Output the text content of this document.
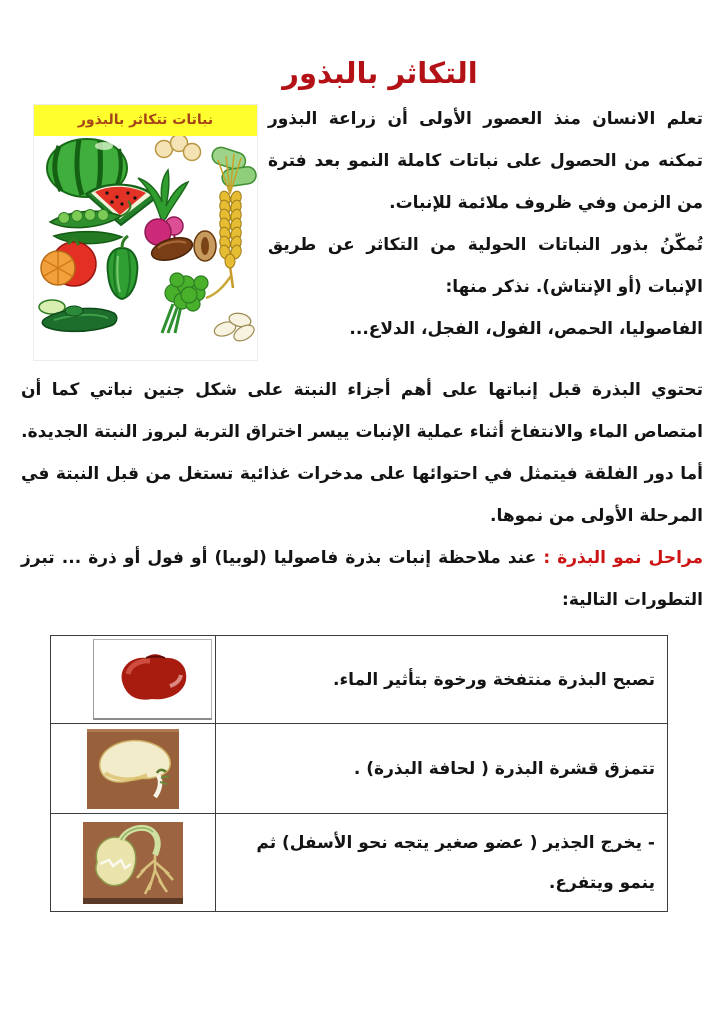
التكاثر بالبذور
نباتات تتكاثر بالبذور	تعلم الانسان منذ العصور الأولى أن زراعة البذور تمكنه من الحصول على نباتات كاملة النمو بعد فترة من الزمن وفي ظروف ملائمة للإنبات.

تُمكّنُ بذور النباتات الحولية من التكاثر عن طريق الإنبات (أو الإنتاش). نذكر منها:

الفاصوليا، الحمص، الفول، الفجل، الدلاع...

تحتوي البذرة قبل إنباتها على أهم أجزاء النبتة على شكل جنين نباتي كما أن امتصاص الماء والانتفاخ أثناء عملية الإنبات ييسر اختراق التربة لبروز النبتة الجديدة.

أما دور الفلقة فيتمثل في احتوائها على مدخرات غذائية تستغل من قبل النبتة في المرحلة الأولى من نموها.

مراحل نمو البذرة : عند ملاحظة إنبات بذرة فاصوليا (لوبيا) أو فول أو ذرة ... تبرز التطورات التالية:

	تصبح البذرة منتفخة ورخوة بتأثير الماء.
	تتمزق قشرة البذرة ( لحافة البذرة) .
	- يخرج الجذير ( عضو صغير يتجه نحو الأسفل) ثم ينمو ويتفرع.
